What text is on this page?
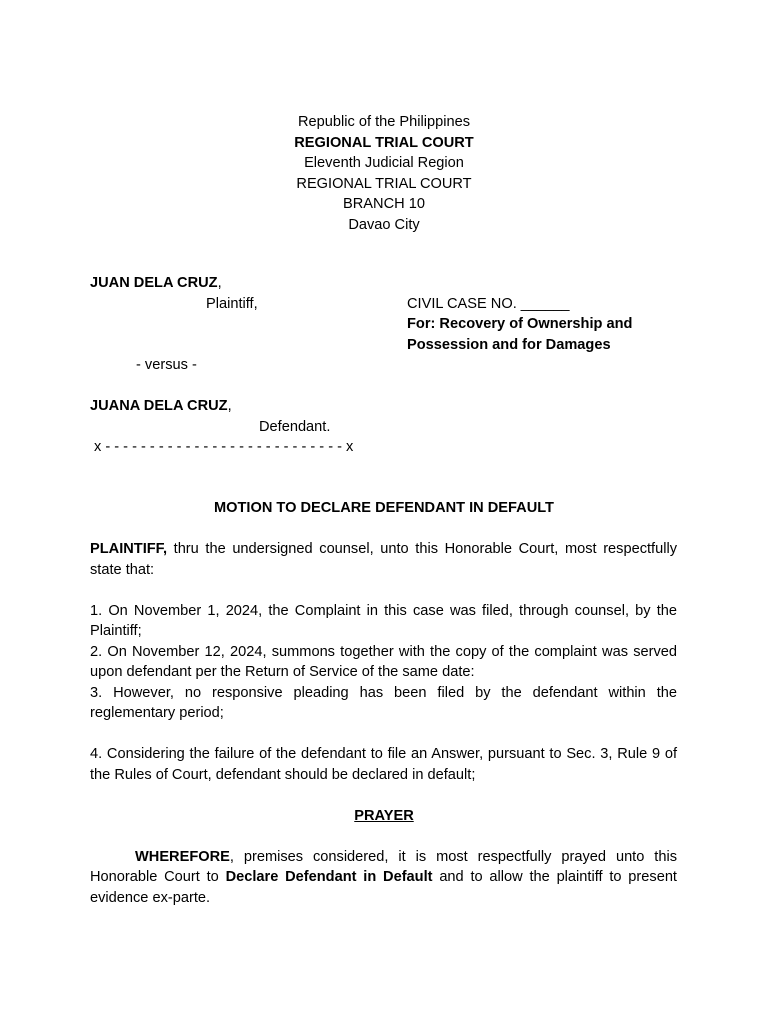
Republic of the Philippines
REGIONAL TRIAL COURT
Eleventh Judicial Region
REGIONAL TRIAL COURT
BRANCH 10
Davao City
JUAN DELA CRUZ,
Plaintiff,	CIVIL CASE NO. ______
For: Recovery of Ownership and
Possession and for Damages
- versus -
JUANA DELA CRUZ,
Defendant.
x - - - - - - - - - - - - - - - - - - - - - - - - - - - x
MOTION TO DECLARE DEFENDANT IN DEFAULT
PLAINTIFF, thru the undersigned counsel, unto this Honorable Court, most respectfully state that:
1. On November 1, 2024, the Complaint in this case was filed, through counsel, by the Plaintiff;
2. On November 12, 2024, summons together with the copy of the complaint was served upon defendant per the Return of Service of the same date:
3. However, no responsive pleading has been filed by the defendant within the reglementary period;
4. Considering the failure of the defendant to file an Answer, pursuant to Sec. 3, Rule 9 of the Rules of Court, defendant should be declared in default;
PRAYER
WHEREFORE, premises considered, it is most respectfully prayed unto this Honorable Court to Declare Defendant in Default and to allow the plaintiff to present evidence ex-parte.
